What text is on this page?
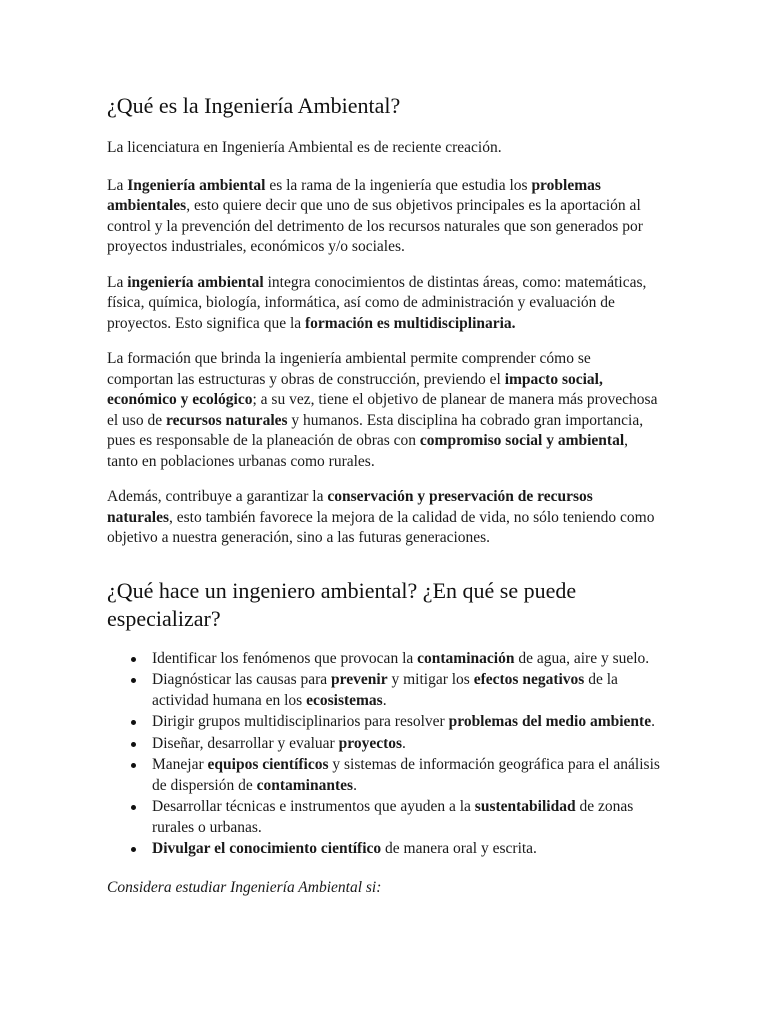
¿Qué es la Ingeniería Ambiental?

La licenciatura en Ingeniería Ambiental es de reciente creación.

La Ingeniería ambiental es la rama de la ingeniería que estudia los problemas ambientales, esto quiere decir que uno de sus objetivos principales es la aportación al control y la prevención del detrimento de los recursos naturales que son generados por proyectos industriales, económicos y/o sociales.

La ingeniería ambiental integra conocimientos de distintas áreas, como: matemáticas, física, química, biología, informática, así como de administración y evaluación de proyectos. Esto significa que la formación es multidisciplinaria.

La formación que brinda la ingeniería ambiental permite comprender cómo se comportan las estructuras y obras de construcción, previendo el impacto social, económico y ecológico; a su vez, tiene el objetivo de planear de manera más provechosa el uso de recursos naturales y humanos. Esta disciplina ha cobrado gran importancia, pues es responsable de la planeación de obras con compromiso social y ambiental, tanto en poblaciones urbanas como rurales.

Además, contribuye a garantizar la conservación y preservación de recursos naturales, esto también favorece la mejora de la calidad de vida, no sólo teniendo como objetivo a nuestra generación, sino a las futuras generaciones.

¿Qué hace un ingeniero ambiental? ¿En qué se puede especializar?
Identificar los fenómenos que provocan la contaminación de agua, aire y suelo.
Diagnósticar las causas para prevenir y mitigar los efectos negativos de la actividad humana en los ecosistemas.
Dirigir grupos multidisciplinarios para resolver problemas del medio ambiente.
Diseñar, desarrollar y evaluar proyectos.
Manejar equipos científicos y sistemas de información geográfica para el análisis de dispersión de contaminantes.
Desarrollar técnicas e instrumentos que ayuden a la sustentabilidad de zonas rurales o urbanas.
Divulgar el conocimiento científico de manera oral y escrita.

Considera estudiar Ingeniería Ambiental si:
